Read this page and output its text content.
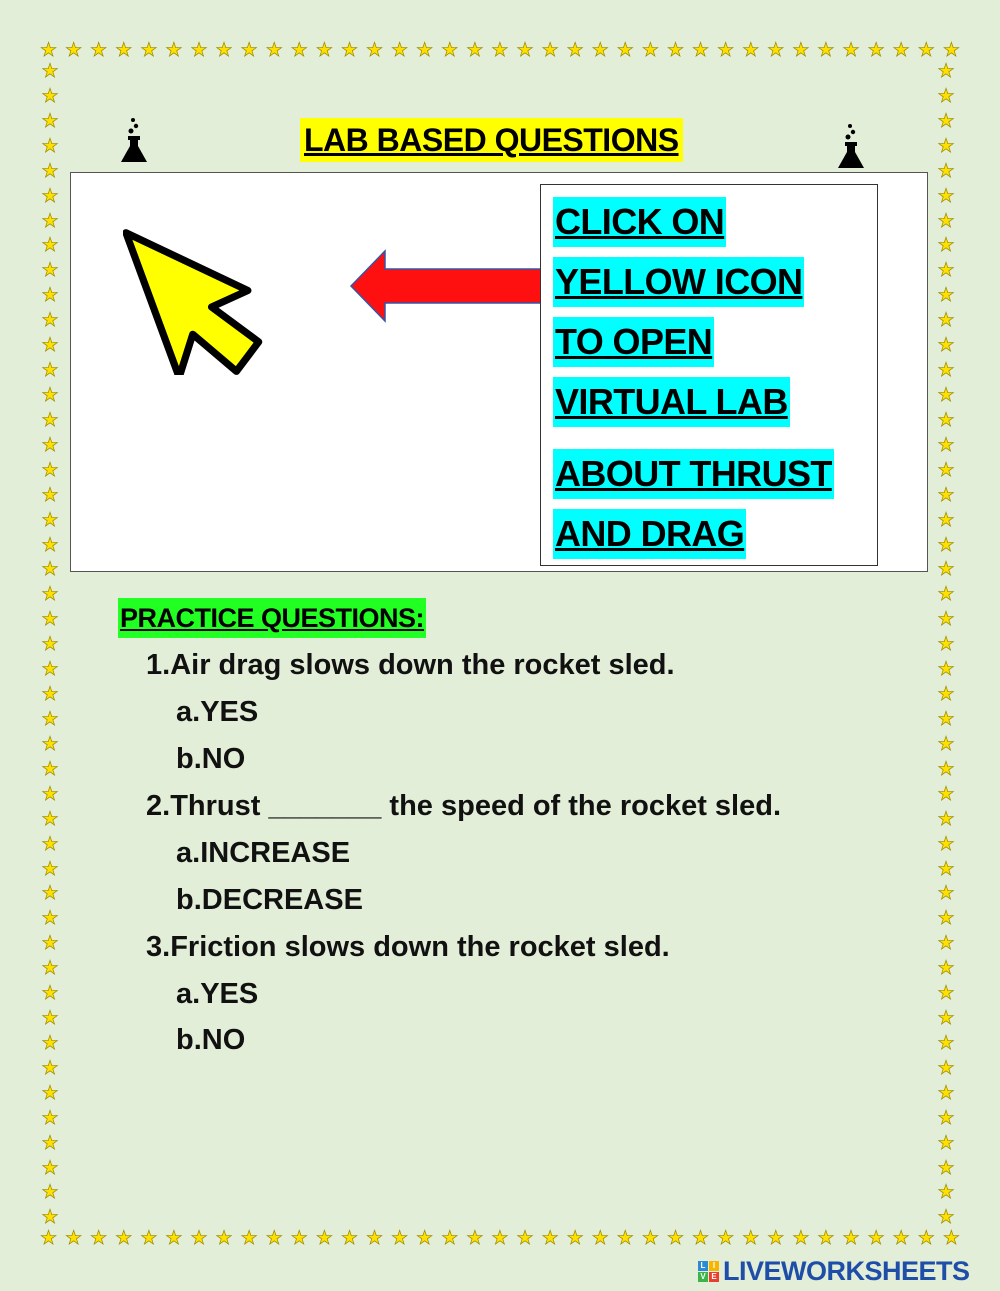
★ ★ ★ ★ ★ ★ ★ ★ ★ ★ ★ ★ ★ ★ ★ ★ ★ ★ ★ ★ ★ ★ ★ ★ ★ ★ ★ ★ ★ ★ ★ ★ ★ ★ ★ ★ ★
★ ★ ★ ★ ★ ★ ★ ★ ★ ★ ★ ★ ★ ★ ★ ★ ★ ★ ★ ★ ★ ★ ★ ★ ★ ★ ★ ★ ★ ★ ★ ★ ★ ★ ★ ★ ★
★
★
★
★
★
★
★
★
★
★
★
★
★
★
★
★
★
★
★
★
★
★
★
★
★
★
★
★
★
★
★
★
★
★
★
★
★
★
★
★
★
★
★
★
★
★
★
★
★
★
★
★
★
★
★
★
★
★
★
★
★
★
★
★
★
★
★
★
★
★
★
★
★
★
★
★
★
★
★
★
★
★
★
★
★
★
★
★
★
★
★
★
★
★
LAB BASED QUESTIONS
CLICK ON
YELLOW ICON
TO OPEN
VIRTUAL LAB
ABOUT THRUST
AND DRAG
PRACTICE QUESTIONS:
1.Air drag slows down the rocket sled.
a.YES
b.NO
2.Thrust _______ the speed of the rocket sled.
a.INCREASE
b.DECREASE
3.Friction slows down the rocket sled.
a.YES
b.NO
L I
V E LIVEWORKSHEETS
